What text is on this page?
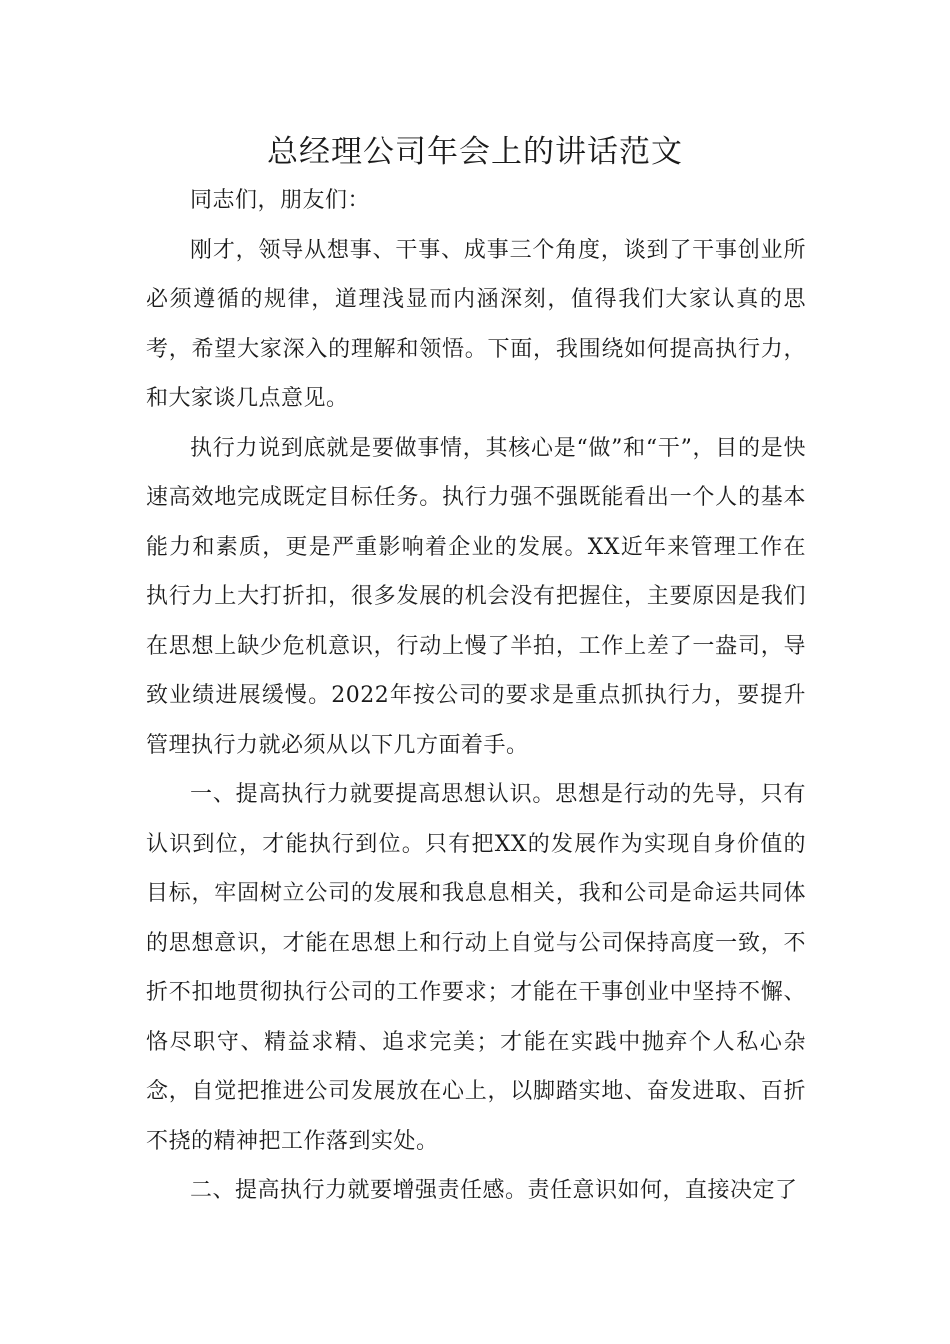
总经理公司年会上的讲话范文

同志们，朋友们：

刚才，领导从想事、干事、成事三个角度，谈到了干事创业所必须遵循的规律，道理浅显而内涵深刻，值得我们大家认真的思考，希望大家深入的理解和领悟。下面，我围绕如何提高执行力，和大家谈几点意见。

执行力说到底就是要做事情，其核心是“做”和“干”，目的是快速高效地完成既定目标任务。执行力强不强既能看出一个人的基本能力和素质，更是严重影响着企业的发展。XX近年来管理工作在执行力上大打折扣，很多发展的机会没有把握住，主要原因是我们在思想上缺少危机意识，行动上慢了半拍，工作上差了一盎司，导致业绩进展缓慢。2022年按公司的要求是重点抓执行力，要提升管理执行力就必须从以下几方面着手。

一、提高执行力就要提高思想认识。思想是行动的先导，只有认识到位，才能执行到位。只有把XX的发展作为实现自身价值的目标，牢固树立公司的发展和我息息相关，我和公司是命运共同体的思想意识，才能在思想上和行动上自觉与公司保持高度一致，不折不扣地贯彻执行公司的工作要求；才能在干事创业中坚持不懈、恪尽职守、精益求精、追求完美；才能在实践中抛弃个人私心杂念，自觉把推进公司发展放在心上，以脚踏实地、奋发进取、百折不挠的精神把工作落到实处。

二、提高执行力就要增强责任感。责任意识如何，直接决定了
